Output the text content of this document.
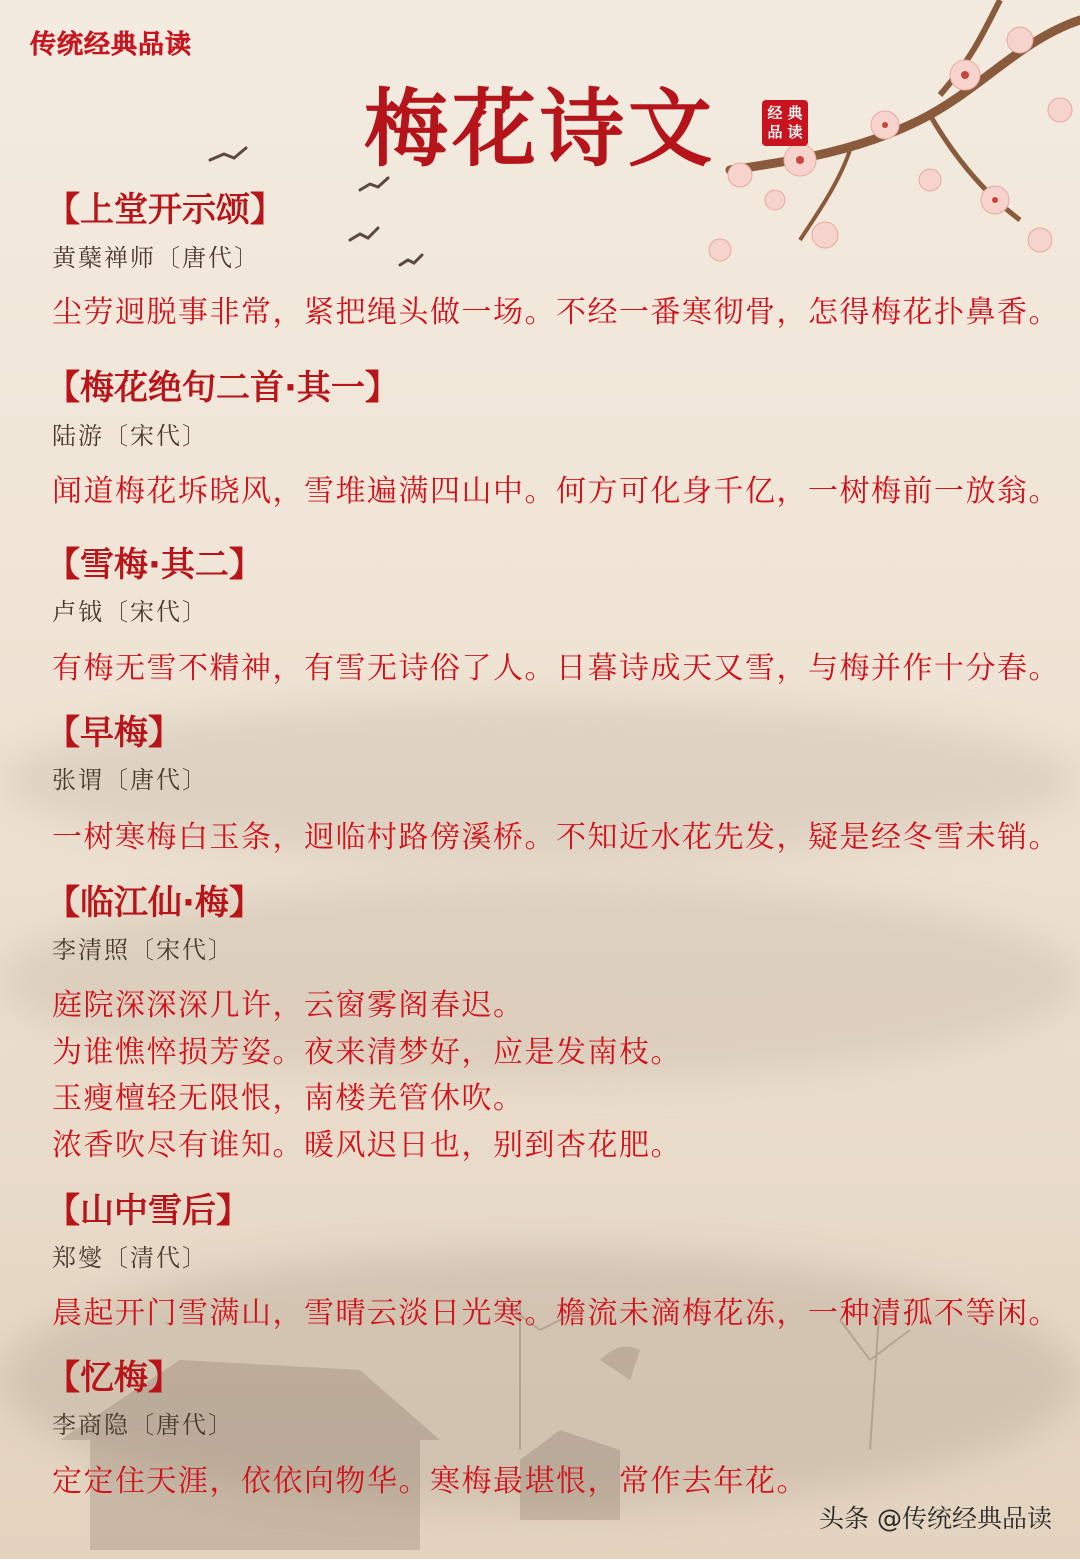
传统经典品读
梅花诗文	经 典
品 读
【上堂开示颂】
黄蘖禅师〔唐代〕
尘劳迥脱事非常，紧把绳头做一场。不经一番寒彻骨，怎得梅花扑鼻香。
【梅花绝句二首·其一】
陆游〔宋代〕
闻道梅花坼晓风，雪堆遍满四山中。何方可化身千亿，一树梅前一放翁。
【雪梅·其二】
卢钺〔宋代〕
有梅无雪不精神，有雪无诗俗了人。日暮诗成天又雪，与梅并作十分春。
【早梅】
张谓〔唐代〕
一树寒梅白玉条，迥临村路傍溪桥。不知近水花先发，疑是经冬雪未销。
【临江仙·梅】
李清照〔宋代〕
庭院深深深几许，云窗雾阁春迟。
为谁憔悴损芳姿。夜来清梦好，应是发南枝。
玉瘦檀轻无限恨，南楼羌管休吹。
浓香吹尽有谁知。暖风迟日也，别到杏花肥。
【山中雪后】
郑燮〔清代〕
晨起开门雪满山，雪晴云淡日光寒。檐流未滴梅花冻，一种清孤不等闲。
【忆梅】
李商隐〔唐代〕
定定住天涯，依依向物华。寒梅最堪恨，常作去年花。
头条 @传统经典品读
